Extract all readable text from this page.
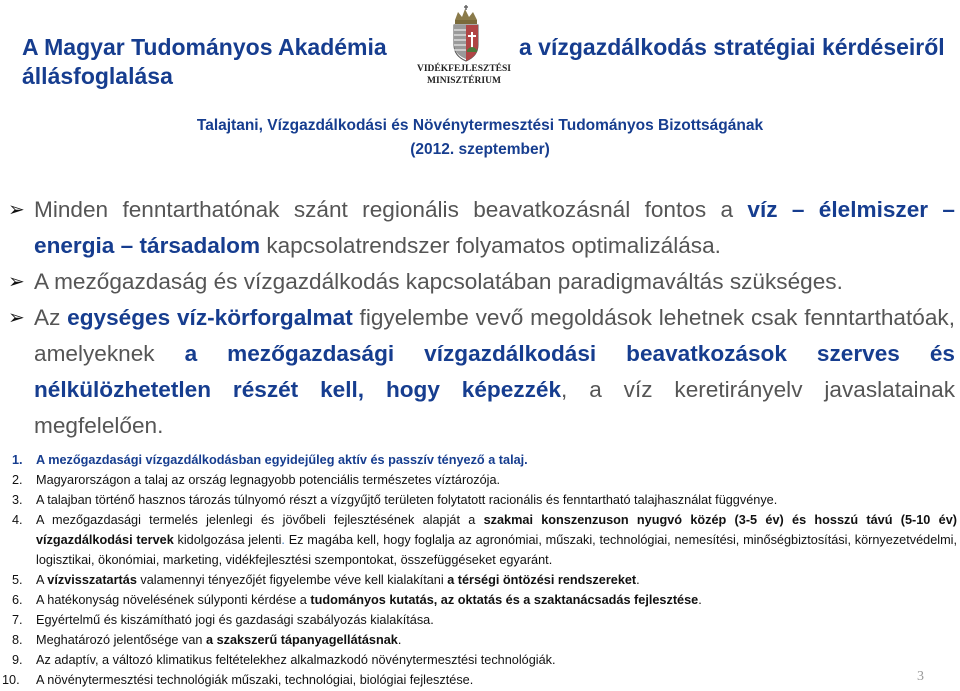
A Magyar Tudományos Akadémia állásfoglalása	VIDÉKFEJLESZTÉSI
MINISZTÉRIUM
a vízgazdálkodás stratégiai kérdéseiről
Talajtani, Vízgazdálkodási és Növénytermesztési Tudományos Bizottságának
(2012. szeptember)
➢ Minden fenntarthatónak szánt regionális beavatkozásnál fontos a víz – élelmiszer – energia – társadalom kapcsolatrendszer folyamatos optimalizálása.
➢ A mezőgazdaság és vízgazdálkodás kapcsolatában paradigmaváltás szükséges.
➢ Az egységes víz-körforgalmat figyelembe vevő megoldások lehetnek csak fenntarthatóak, amelyeknek a mezőgazdasági vízgazdálkodási beavatkozások szerves és nélkülözhetetlen részét kell, hogy képezzék, a víz keretirányelv javaslatainak megfelelően.
1. A mezőgazdasági vízgazdálkodásban egyidejűleg aktív és passzív tényező a talaj.
2. Magyarországon a talaj az ország legnagyobb potenciális természetes víztározója.
3. A talajban történő hasznos tározás túlnyomó részt a vízgyűjtő területen folytatott racionális és fenntartható talajhasználat függvénye.
4. A mezőgazdasági termelés jelenlegi és jövőbeli fejlesztésének alapját a szakmai konszenzuson nyugvó közép (3-5 év) és hosszú távú (5-10 év) vízgazdálkodási tervek kidolgozása jelenti. Ez magába kell, hogy foglalja az agronómiai, műszaki, technológiai, nemesítési, minőségbiztosítási, környezetvédelmi, logisztikai, ökonómiai, marketing, vidékfejlesztési szempontokat, összefüggéseket egyaránt.
5. A vízvisszatartás valamennyi tényezőjét figyelembe véve kell kialakítani a térségi öntözési rendszereket.
6. A hatékonyság növelésének súlyponti kérdése a tudományos kutatás, az oktatás és a szaktanácsadás fejlesztése.
7. Egyértelmű és kiszámítható jogi és gazdasági szabályozás kialakítása.
8. Meghatározó jelentősége van a szakszerű tápanyagellátásnak.
9. Az adaptív, a változó klimatikus feltételekhez alkalmazkodó növénytermesztési technológiák.
10. A növénytermesztési technológiák műszaki, technológiai, biológiai fejlesztése.	3
